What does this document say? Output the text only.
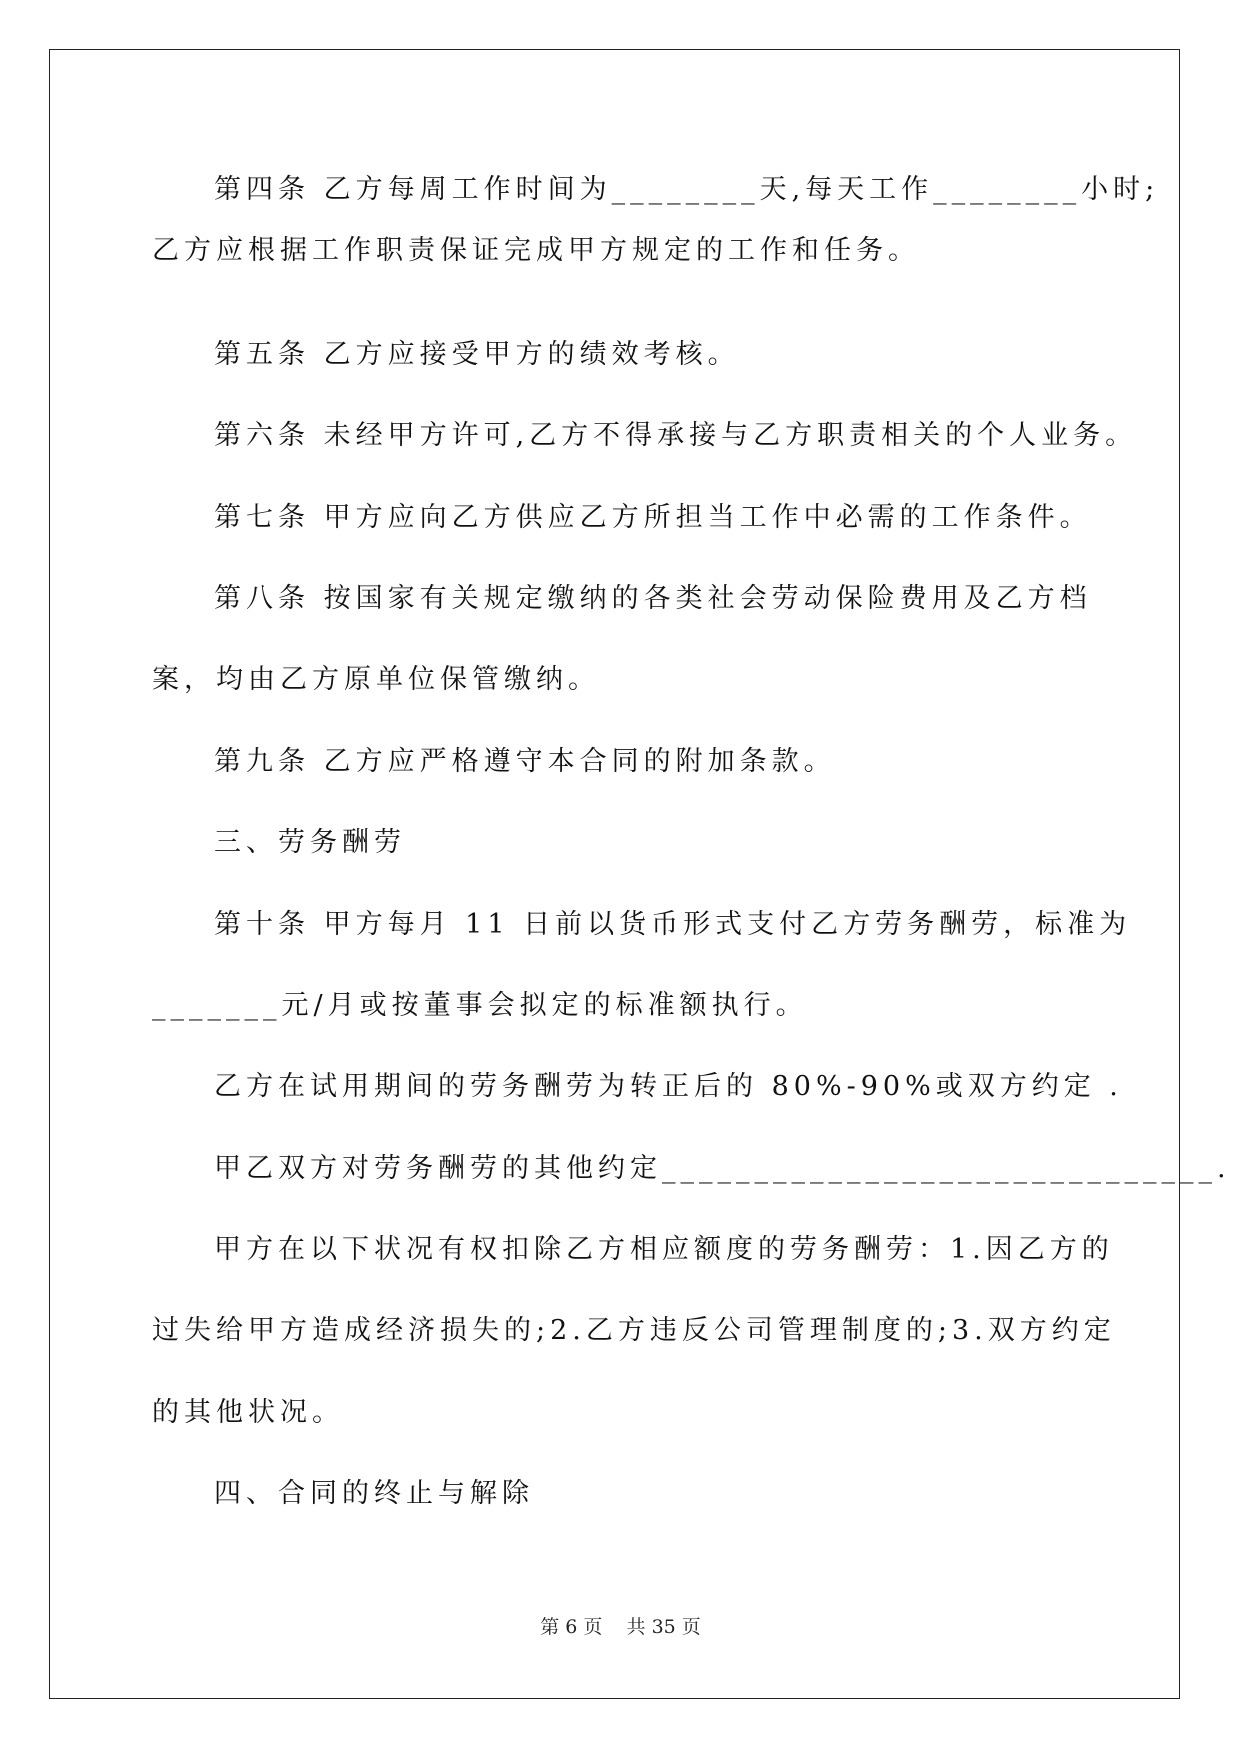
第四条 乙方每周工作时间为________天,每天工作________小时;
乙方应根据工作职责保证完成甲方规定的工作和任务。
第五条 乙方应接受甲方的绩效考核。
第六条 未经甲方许可,乙方不得承接与乙方职责相关的个人业务。
第七条 甲方应向乙方供应乙方所担当工作中必需的工作条件。
第八条 按国家有关规定缴纳的各类社会劳动保险费用及乙方档
案，均由乙方原单位保管缴纳。
第九条 乙方应严格遵守本合同的附加条款。
三、劳务酬劳
第十条 甲方每月 11 日前以货币形式支付乙方劳务酬劳，标准为
_______元/月或按董事会拟定的标准额执行。
乙方在试用期间的劳务酬劳为转正后的 80%-90%或双方约定 .
甲乙双方对劳务酬劳的其他约定______________________________.
甲方在以下状况有权扣除乙方相应额度的劳务酬劳：1.因乙方的
过失给甲方造成经济损失的;2.乙方违反公司管理制度的;3.双方约定
的其他状况。
四、合同的终止与解除
第 6 页 共 35 页
